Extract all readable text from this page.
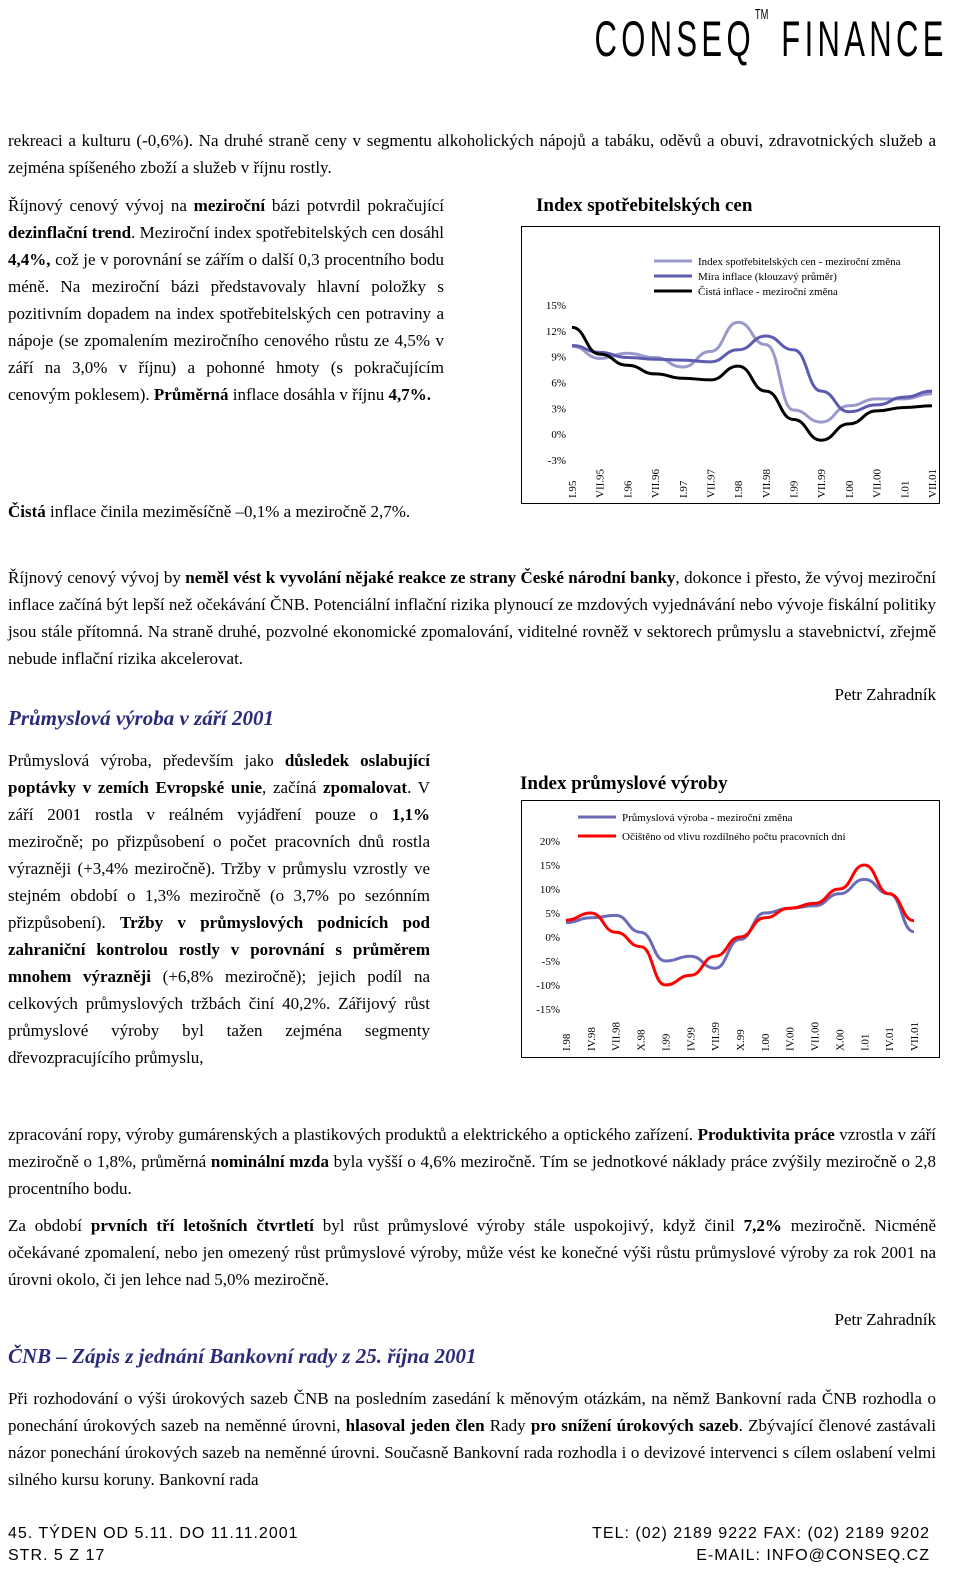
CONSEQ™ FINANCE
rekreaci a kulturu (-0,6%). Na druhé straně ceny v segmentu alkoholických nápojů a tabáku, oděvů a obuvi, zdravotnických služeb a zejména spíšeného zboží a služeb v říjnu rostly.
Říjnový cenový vývoj na meziroční bázi potvrdil pokračující dezinflační trend. Meziroční index spotřebitelských cen dosáhl 4,4%, což je v porovnání se zářím o další 0,3 procentního bodu méně. Na meziroční bázi představovaly hlavní položky s pozitivním dopadem na index spotřebitelských cen potraviny a nápoje (se zpomalením meziročního cenového růstu ze 4,5% v září na 3,0% v říjnu) a pohonné hmoty (s pokračujícím cenovým poklesem). Průměrná inflace dosáhla v říjnu 4,7%.
Čistá inflace činila meziměsíčně –0,1% a meziročně 2,7%.
Index spotřebitelských cen
15%
12%
9%
6%
3%
0%
-3%
I.95 VII.95 I.96 VII.96 I.97 VII.97 I.98 VII.98 I.99 VII.99 I.00 VII.00 I.01 VII.01
Index spotřebitelských cen - meziroční změna
Míra inflace (klouzavý průměr)
Čistá inflace - meziroční změna
Říjnový cenový vývoj by neměl vést k vyvolání nějaké reakce ze strany České národní banky, dokonce i přesto, že vývoj meziroční inflace začíná být lepší než očekávání ČNB. Potenciální inflační rizika plynoucí ze mzdových vyjednávání nebo vývoje fiskální politiky jsou stále přítomná. Na straně druhé, pozvolné ekonomické zpomalování, viditelné rovněž v sektorech průmyslu a stavebnictví, zřejmě nebude inflační rizika akcelerovat.
Petr Zahradník
Průmyslová výroba v září 2001
Průmyslová výroba, především jako důsledek oslabující poptávky v zemích Evropské unie, začíná zpomalovat. V září 2001 rostla v reálném vyjádření pouze o 1,1% meziročně; po přizpůsobení o počet pracovních dnů rostla výrazněji (+3,4% meziročně). Tržby v průmyslu vzrostly ve stejném období o 1,3% meziročně (o 3,7% po sezónním přizpůsobení). Tržby v průmyslových podnicích pod zahraniční kontrolou rostly v porovnání s průměrem mnohem výrazněji (+6,8% meziročně); jejich podíl na celkových průmyslových tržbách činí 40,2%. Zářijový růst průmyslové výroby byl tažen zejména segmenty dřevozpracujícího průmyslu,
Index průmyslové výroby
20%
15%
10%
5%
0%
-5%
-10%
-15%
I.98 IV.98 VII.98 X.98 I.99 IV.99 VII.99 X.99 I.00 IV.00 VII.00 X.00 I.01 IV.01 VII.01
Průmyslová výroba - meziroční změna
Očištěno od vlivu rozdílného počtu pracovních dní
zpracování ropy, výroby gumárenských a plastikových produktů a elektrického a optického zařízení. Produktivita práce vzrostla v září meziročně o 1,8%, průměrná nominální mzda byla vyšší o 4,6% meziročně. Tím se jednotkové náklady práce zvýšily meziročně o 2,8 procentního bodu.
Za období prvních tří letošních čtvrtletí byl růst průmyslové výroby stále uspokojivý, když činil 7,2% meziročně. Nicméně očekávané zpomalení, nebo jen omezený růst průmyslové výroby, může vést ke konečné výši růstu průmyslové výroby za rok 2001 na úrovni okolo, či jen lehce nad 5,0% meziročně.
Petr Zahradník
ČNB – Zápis z jednání Bankovní rady z 25. října 2001
Při rozhodování o výši úrokových sazeb ČNB na posledním zasedání k měnovým otázkám, na němž Bankovní rada ČNB rozhodla o ponechání úrokových sazeb na neměnné úrovni, hlasoval jeden člen Rady pro snížení úrokových sazeb. Zbývající členové zastávali názor ponechání úrokových sazeb na neměnné úrovni. Současně Bankovní rada rozhodla i o devizové intervenci s cílem oslabení velmi silného kursu koruny. Bankovní rada
45. TÝDEN OD 5.11. DO 11.11.2001
STR. 5 Z 17
TEL: (02) 2189 9222 FAX: (02) 2189 9202
E-MAIL: INFO@CONSEQ.CZ
